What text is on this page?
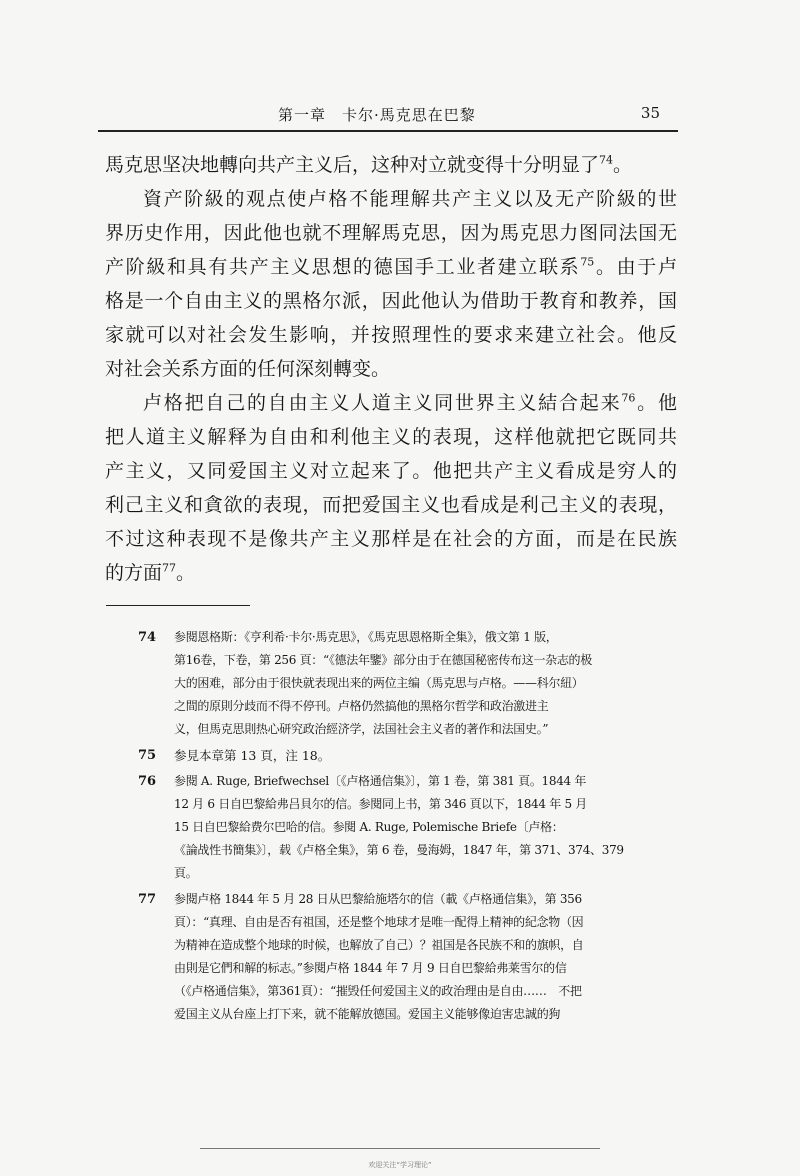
第一章　卡尔·馬克思在巴黎	35
馬克思坚决地轉向共产主义后，这种对立就变得十分明显了$^{74}$。
資产阶級的观点使卢格不能理解共产主义以及无产阶級的世
界历史作用，因此他也就不理解馬克思，因为馬克思力图同法国无
产阶級和具有共产主义思想的德国手工业者建立联系$^{75}$。由于卢
格是一个自由主义的黑格尔派，因此他认为借助于教育和教养，国
家就可以对社会发生影响，并按照理性的要求来建立社会。他反
对社会关系方面的任何深刻轉变。
卢格把自己的自由主义人道主义同世界主义結合起来$^{76}$。他
把人道主义解释为自由和利他主义的表現，这样他就把它既同共
产主义，又同爱国主义对立起来了。他把共产主义看成是穷人的
利己主义和貪欲的表現，而把爱国主义也看成是利己主义的表現，
不过这种表现不是像共产主义那样是在社会的方面，而是在民族
的方面$^{77}$。
74 参閱恩格斯：《亨利希·卡尔·馬克思》，《馬克思恩格斯全集》，俄文第 1 版，
第16卷，下卷，第 256 頁：“《德法年鑒》部分由于在德国秘密传布这一杂志的极
大的困难，部分由于很快就表现出来的两位主编（馬克思与卢格。——科尔紐）
之間的原則分歧而不得不停刊。卢格仍然搞他的黑格尔哲学和政治激进主
义，但馬克思則热心研究政治經济学，法国社会主义者的著作和法国史。”
75 参見本章第 13 頁，注 18。
76 参閱 A. Ruge, Briefwechsel〔《卢格通信集》〕，第 1 卷，第 381 頁。1844 年
12 月 6 日自巴黎給弗吕貝尔的信。参閱同上书，第 346 頁以下，1844 年 5 月
15 日自巴黎給费尔巴哈的信。参閱 A. Ruge, Polemische Briefe〔卢格：
《論战性书簡集》〕，载《卢格全集》，第 6 卷，曼海姆，1847 年，第 371、374、379
頁。
77 参閱卢格 1844 年 5 月 28 日从巴黎給施塔尔的信（載《卢格通信集》，第 356
頁）：“真理、自由是否有祖国，还是整个地球才是唯一配得上精神的紀念物（因
为精神在造成整个地球的时候，也解放了自己）？祖国是各民族不和的旗帜，自
由則是它們和解的标志。”参閱卢格 1844 年 7 月 9 日自巴黎給弗莱雪尔的信
（《卢格通信集》，第361頁）：“摧毁任何爱国主义的政治理由是自由……　不把
爱国主义从台座上打下来，就不能解放德国。爱国主义能够像迫害忠誠的狗
欢迎关注“学习理论”
